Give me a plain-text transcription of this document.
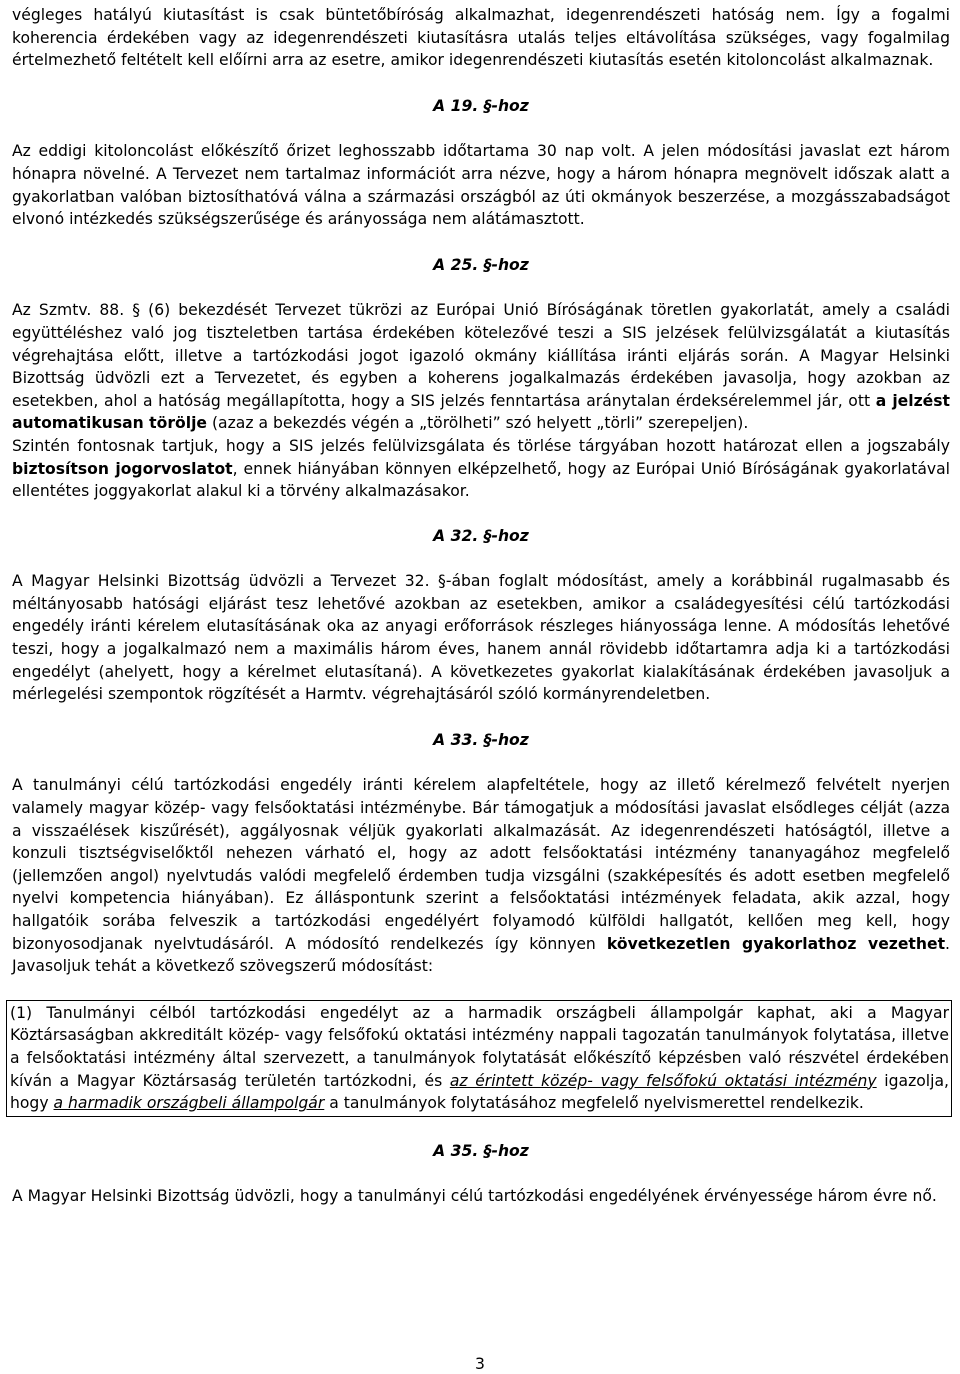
végleges hatályú kiutasítást is csak büntetőbíróság alkalmazhat, idegenrendészeti hatóság nem. Így a fogalmi koherencia érdekében vagy az idegenrendészeti kiutasításra utalás teljes eltávolítása szükséges, vagy fogalmilag értelmezhető feltételt kell előírni arra az esetre, amikor idegenrendészeti kiutasítás esetén kitoloncolást alkalmaznak.

A 19. §-hoz

Az eddigi kitoloncolást előkészítő őrizet leghosszabb időtartama 30 nap volt. A jelen módosítási javaslat ezt három hónapra növelné. A Tervezet nem tartalmaz információt arra nézve, hogy a három hónapra megnövelt időszak alatt a gyakorlatban valóban biztosíthatóvá válna a származási országból az úti okmányok beszerzése, a mozgásszabadságot elvonó intézkedés szükségszerűsége és arányossága nem alátámasztott.

A 25. §-hoz

Az Szmtv. 88. § (6) bekezdését Tervezet tükrözi az Európai Unió Bíróságának töretlen gyakorlatát, amely a családi együttéléshez való jog tiszteletben tartása érdekében kötelezővé teszi a SIS jelzések felülvizsgálatát a kiutasítás végrehajtása előtt, illetve a tartózkodási jogot igazoló okmány kiállítása iránti eljárás során. A Magyar Helsinki Bizottság üdvözli ezt a Tervezetet, és egyben a koherens jogalkalmazás érdekében javasolja, hogy azokban az esetekben, ahol a hatóság megállapította, hogy a SIS jelzés fenntartása aránytalan érdeksérelemmel jár, ott a jelzést automatikusan törölje (azaz a bekezdés végén a „törölheti” szó helyett „törli” szerepeljen).

Szintén fontosnak tartjuk, hogy a SIS jelzés felülvizsgálata és törlése tárgyában hozott határozat ellen a jogszabály biztosítson jogorvoslatot, ennek hiányában könnyen elképzelhető, hogy az Európai Unió Bíróságának gyakorlatával ellentétes joggyakorlat alakul ki a törvény alkalmazásakor.

A 32. §-hoz

A Magyar Helsinki Bizottság üdvözli a Tervezet 32. §-ában foglalt módosítást, amely a korábbinál rugalmasabb és méltányosabb hatósági eljárást tesz lehetővé azokban az esetekben, amikor a családegyesítési célú tartózkodási engedély iránti kérelem elutasításának oka az anyagi erőforrások részleges hiányossága lenne. A módosítás lehetővé teszi, hogy a jogalkalmazó nem a maximális három éves, hanem annál rövidebb időtartamra adja ki a tartózkodási engedélyt (ahelyett, hogy a kérelmet elutasítaná). A következetes gyakorlat kialakításának érdekében javasoljuk a mérlegelési szempontok rögzítését a Harmtv. végrehajtásáról szóló kormányrendeletben.

A 33. §-hoz

A tanulmányi célú tartózkodási engedély iránti kérelem alapfeltétele, hogy az illető kérelmező felvételt nyerjen valamely magyar közép- vagy felsőoktatási intézménybe. Bár támogatjuk a módosítási javaslat elsődleges célját (azza a visszaélések kiszűrését), aggályosnak véljük gyakorlati alkalmazását. Az idegenrendészeti hatóságtól, illetve a konzuli tisztségviselőktől nehezen várható el, hogy az adott felsőoktatási intézmény tananyagához megfelelő (jellemzően angol) nyelvtudás valódi megfelelő érdemben tudja vizsgálni (szakképesítés és adott esetben megfelelő nyelvi kompetencia hiányában). Ez álláspontunk szerint a felsőoktatási intézmények feladata, akik azzal, hogy hallgatóik sorába felveszik a tartózkodási engedélyért folyamodó külföldi hallgatót, kellően meg kell, hogy bizonyosodjanak nyelvtudásáról. A módosító rendelkezés így könnyen következetlen gyakorlathoz vezethet. Javasoljuk tehát a következő szövegszerű módosítást:

(1) Tanulmányi célból tartózkodási engedélyt az a harmadik országbeli állampolgár kaphat, aki a Magyar Köztársaságban akkreditált közép- vagy felsőfokú oktatási intézmény nappali tagozatán tanulmányok folytatása, illetve a felsőoktatási intézmény által szervezett, a tanulmányok folytatását előkészítő képzésben való részvétel érdekében kíván a Magyar Köztársaság területén tartózkodni, és az érintett közép- vagy felsőfokú oktatási intézmény igazolja, hogy a harmadik országbeli állampolgár a tanulmányok folytatásához megfelelő nyelvismerettel rendelkezik.

A 35. §-hoz

A Magyar Helsinki Bizottság üdvözli, hogy a tanulmányi célú tartózkodási engedélyének érvényessége három évre nő.

3
